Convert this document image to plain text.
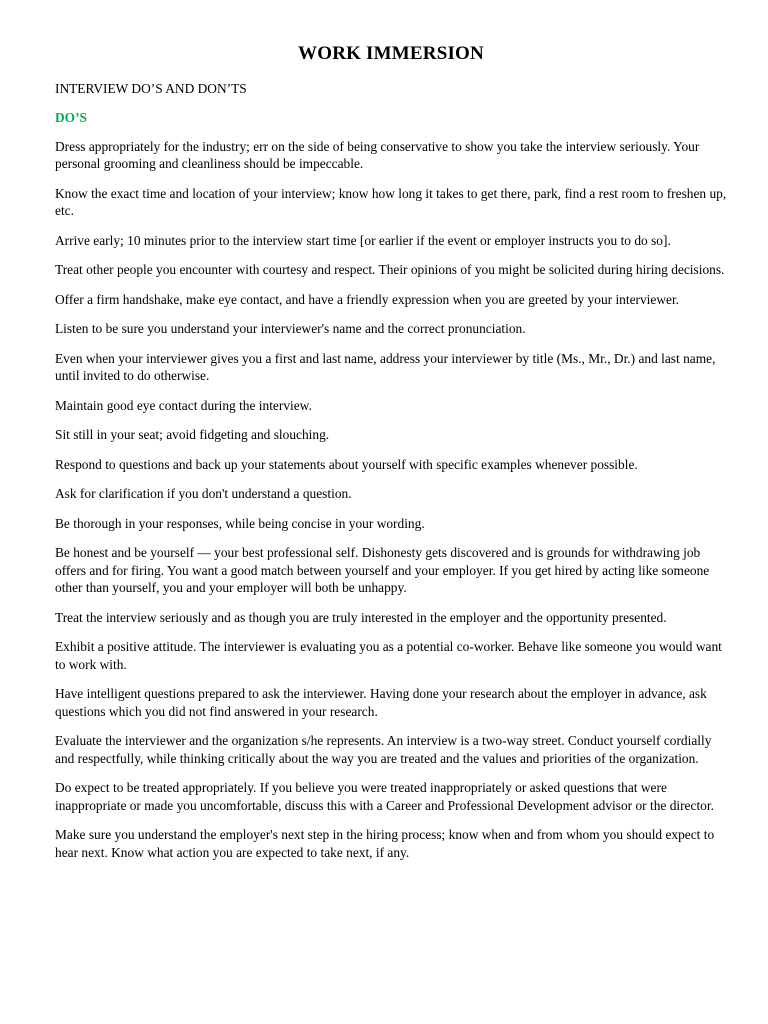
WORK IMMERSION

INTERVIEW DO’S AND DON’TS

DO’S

Dress appropriately for the industry; err on the side of being conservative to show you take the interview seriously. Your personal grooming and cleanliness should be impeccable.
Know the exact time and location of your interview; know how long it takes to get there, park, find a rest room to freshen up, etc.
Arrive early; 10 minutes prior to the interview start time [or earlier if the event or employer instructs you to do so].
Treat other people you encounter with courtesy and respect. Their opinions of you might be solicited during hiring decisions.
Offer a firm handshake, make eye contact, and have a friendly expression when you are greeted by your interviewer.
Listen to be sure you understand your interviewer's name and the correct pronunciation.
Even when your interviewer gives you a first and last name, address your interviewer by title (Ms., Mr., Dr.) and last name, until invited to do otherwise.
Maintain good eye contact during the interview.
Sit still in your seat; avoid fidgeting and slouching.
Respond to questions and back up your statements about yourself with specific examples whenever possible.
Ask for clarification if you don't understand a question.
Be thorough in your responses, while being concise in your wording.
Be honest and be yourself — your best professional self. Dishonesty gets discovered and is grounds for withdrawing job offers and for firing. You want a good match between yourself and your employer. If you get hired by acting like someone other than yourself, you and your employer will both be unhappy.
Treat the interview seriously and as though you are truly interested in the employer and the opportunity presented.
Exhibit a positive attitude. The interviewer is evaluating you as a potential co-worker. Behave like someone you would want to work with.
Have intelligent questions prepared to ask the interviewer. Having done your research about the employer in advance, ask questions which you did not find answered in your research.
Evaluate the interviewer and the organization s/he represents. An interview is a two-way street. Conduct yourself cordially and respectfully, while thinking critically about the way you are treated and the values and priorities of the organization.
Do expect to be treated appropriately. If you believe you were treated inappropriately or asked questions that were inappropriate or made you uncomfortable, discuss this with a Career and Professional Development advisor or the director.
Make sure you understand the employer's next step in the hiring process; know when and from whom you should expect to hear next. Know what action you are expected to take next, if any.
